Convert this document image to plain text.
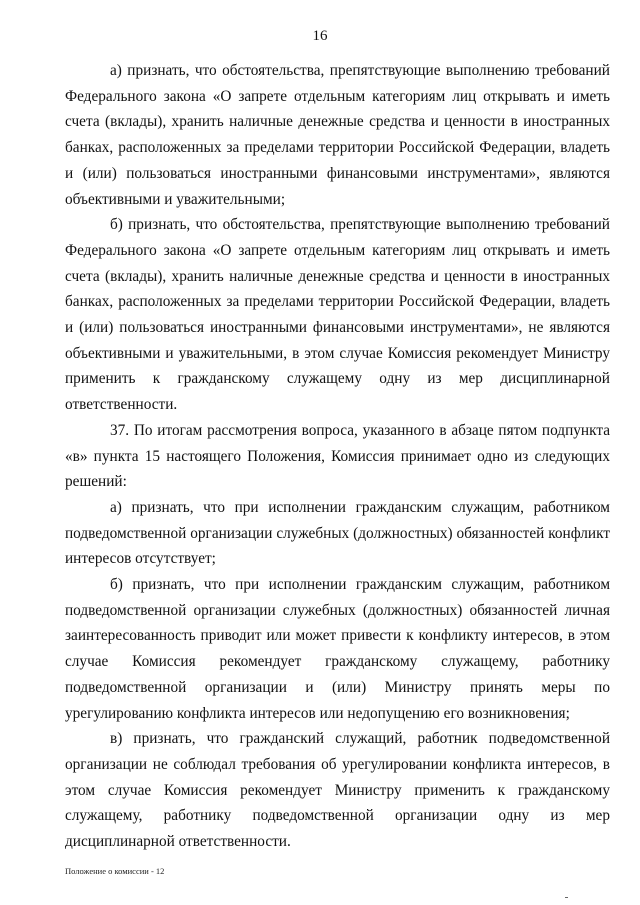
16

а) признать, что обстоятельства, препятствующие выполнению требований Федерального закона «О запрете отдельным категориям лиц открывать и иметь счета (вклады), хранить наличные денежные средства и ценности в иностранных банках, расположенных за пределами территории Российской Федерации, владеть и (или) пользоваться иностранными финансовыми инструментами», являются объективными и уважительными;

б) признать, что обстоятельства, препятствующие выполнению требований Федерального закона «О запрете отдельным категориям лиц открывать и иметь счета (вклады), хранить наличные денежные средства и ценности в иностранных банках, расположенных за пределами территории Российской Федерации, владеть и (или) пользоваться иностранными финансовыми инструментами», не являются объективными и уважительными, в этом случае Комиссия рекомендует Министру применить к гражданскому служащему одну из мер дисциплинарной ответственности.

37. По итогам рассмотрения вопроса, указанного в абзаце пятом подпункта «в» пункта 15 настоящего Положения, Комиссия принимает одно из следующих решений:

а) признать, что при исполнении гражданским служащим, работником подведомственной организации служебных (должностных) обязанностей конфликт интересов отсутствует;

б) признать, что при исполнении гражданским служащим, работником подведомственной организации служебных (должностных) обязанностей личная заинтересованность приводит или может привести к конфликту интересов, в этом случае Комиссия рекомендует гражданскому служащему, работнику подведомственной организации и (или) Министру принять меры по урегулированию конфликта интересов или недопущению его возникновения;

в) признать, что гражданский служащий, работник подведомственной организации не соблюдал требования об урегулировании конфликта интересов, в этом случае Комиссия рекомендует Министру применить к гражданскому служащему, работнику подведомственной организации одну из мер дисциплинарной ответственности.

Положение о комиссии - 12
